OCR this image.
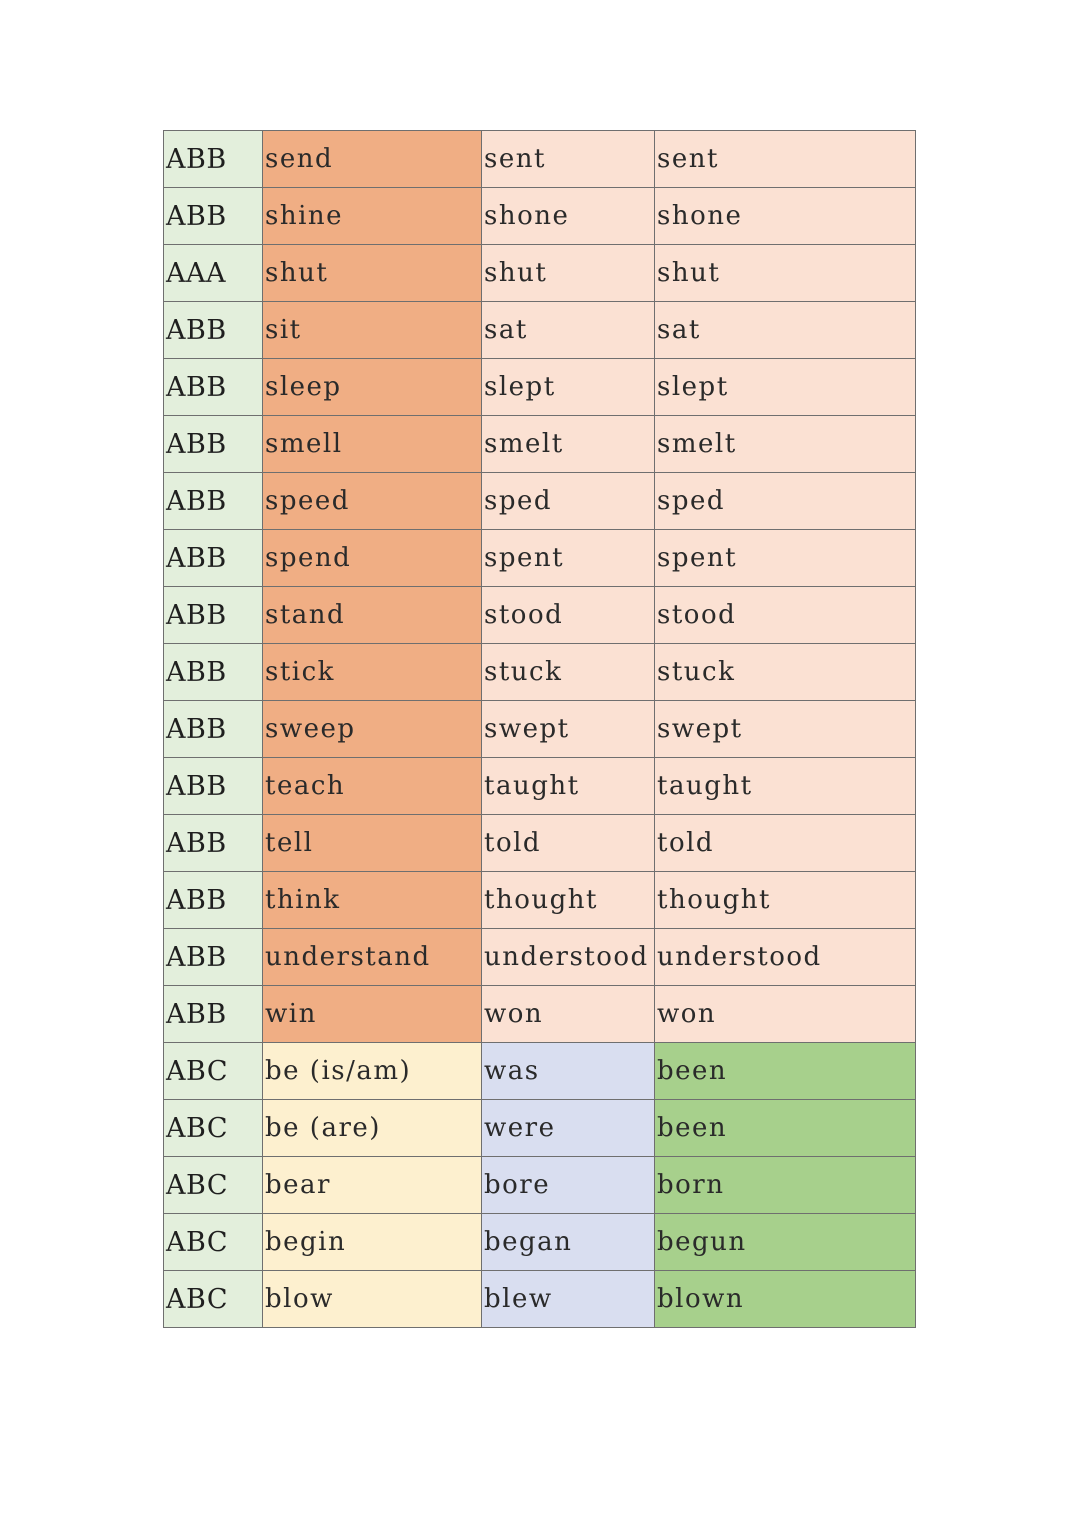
ABB	send	sent	sent
ABB	shine	shone	shone
AAA	shut	shut	shut
ABB	sit	sat	sat
ABB	sleep	slept	slept
ABB	smell	smelt	smelt
ABB	speed	sped	sped
ABB	spend	spent	spent
ABB	stand	stood	stood
ABB	stick	stuck	stuck
ABB	sweep	swept	swept
ABB	teach	taught	taught
ABB	tell	told	told
ABB	think	thought	thought
ABB	understand	understood	understood
ABB	win	won	won
ABC	be (is/am)	was	been
ABC	be (are)	were	been
ABC	bear	bore	born
ABC	begin	began	begun
ABC	blow	blew	blown
